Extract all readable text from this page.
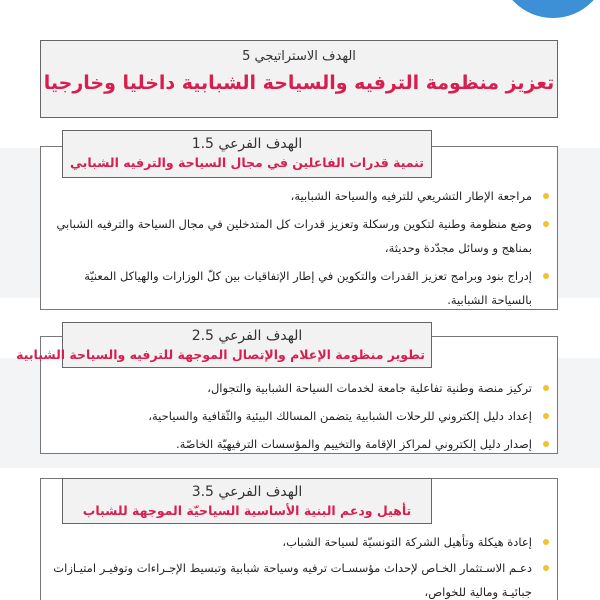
الهدف الاستراتيجي 5
تعزيز منظومة الترفيه والسياحة الشبابية داخليا وخارجيا
الهدف الفرعي 1.5
تنمية قدرات الفاعلين في مجال السياحة والترفيه الشبابي
مراجعة الإطار التشريعي للترفيه والسياحة الشبابية،
وضع منظومة وطنية لتكوين ورسكلة وتعزيز قدرات كل المتدخلين في مجال السياحة والترفيه الشبابي بمناهج و وسائل مجدّدة وحديثة،
إدراج بنود وبرامج تعزيز القدرات والتكوين في إطار الإتفاقيات بين كلّ الوزارات والهياكل المعنيّة بالسياحة الشبابية.
الهدف الفرعي 2.5
تطوير منظومة الإعلام والإتصال الموجهة للترفيه والسياحة الشبابية
تركيز منصة وطنية تفاعلية جامعة لخدمات السياحة الشبابية والتجوال،
إعداد دليل إلكتروني للرحلات الشبابية يتضمن المسالك البيئية والثّقافية والسياحية،
إصدار دليل إلكتروني لمراكز الإقامة والتخييم والمؤسسات الترفيهيّة الخاصّة.
الهدف الفرعي 3.5
تأهيل ودعم البنية الأساسية السياحيّة الموجهة للشباب
إعادة هيكلة وتأهيل الشركة التونسيّة لسياحة الشباب،
دعـم الاسـتثمار الخـاص لإحداث مؤسسـات ترفيه وسياحة شبابية وتبسيط الإجـراءات وتوفيـر امتيـازات جبائيـة ومالية للخواص،
